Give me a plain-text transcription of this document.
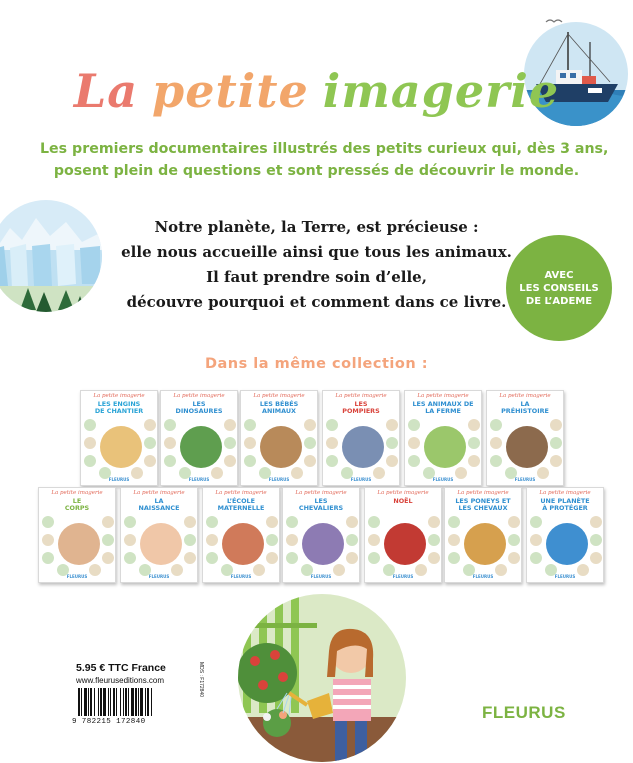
La petite imagerie
Les premiers documentaires illustrés des petits curieux qui, dès 3 ans,
posent plein de questions et sont pressés de découvrir le monde.
Notre planète, la Terre, est précieuse :
elle nous accueille ainsi que tous les animaux.
Il faut prendre soin d’elle,
découvre pourquoi et comment dans ce livre.
AVEC
LES CONSEILS
DE L’ADEME
Dans la même collection :
La petite imagerie
LES ENGINS
DE CHANTIER
FLEURUS
La petite imagerie
LES
DINOSAURES
FLEURUS
La petite imagerie
LES BÉBÉS
ANIMAUX
FLEURUS
La petite imagerie
LES
POMPIERS
FLEURUS
La petite imagerie
LES ANIMAUX DE
LA FERME
FLEURUS
La petite imagerie
LA
PRÉHISTOIRE
FLEURUS
La petite imagerie
LE
CORPS
FLEURUS
La petite imagerie
LA
NAISSANCE
FLEURUS
La petite imagerie
L’ÉCOLE
MATERNELLE
FLEURUS
La petite imagerie
LES
CHEVALIERS
FLEURUS
La petite imagerie
NOËL
FLEURUS
La petite imagerie
LES PONEYS ET
LES CHEVAUX
FLEURUS
La petite imagerie
UNE PLANÈTE
À PROTÉGER
FLEURUS
5.95 € TTC France
www.fleuruseditions.com
9 782215 172840
MDS : F172840
FLEURUS
